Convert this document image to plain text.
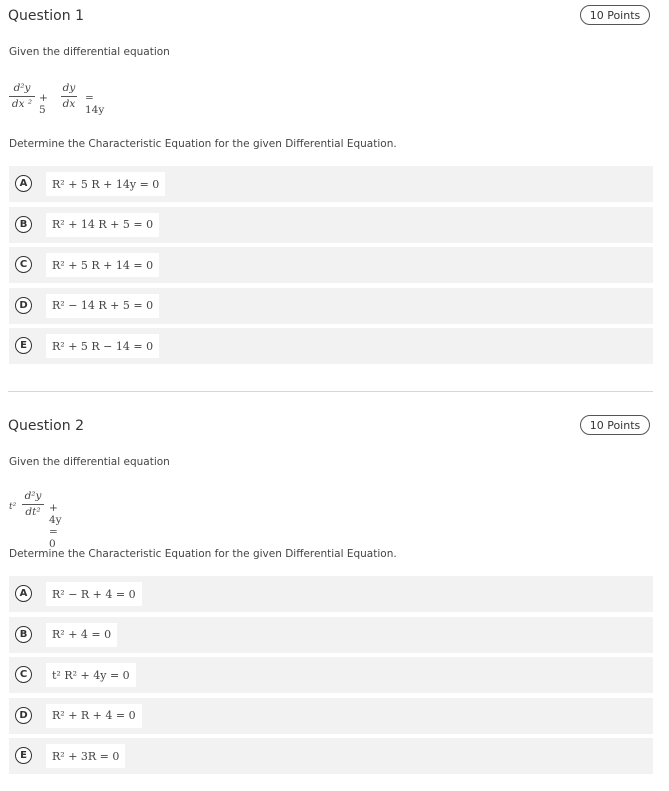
Question 1	10 Points
Given the differential equation
d²y
dx ² + 5
dy
dx = 14y
Determine the Characteristic Equation for the given Differential Equation.
A	R² + 5 R + 14y = 0
B	R² + 14 R + 5 = 0
C	R² + 5 R + 14 = 0
D	R² − 14 R + 5 = 0
E	R² + 5 R − 14 = 0
Question 2	10 Points
Given the differential equation
t²
d²y
dt² + 4y = 0
Determine the Characteristic Equation for the given Differential Equation.
A	R² − R + 4 = 0
B	R² + 4 = 0
C	t² R² + 4y = 0
D	R² + R + 4 = 0
E	R² + 3R = 0
